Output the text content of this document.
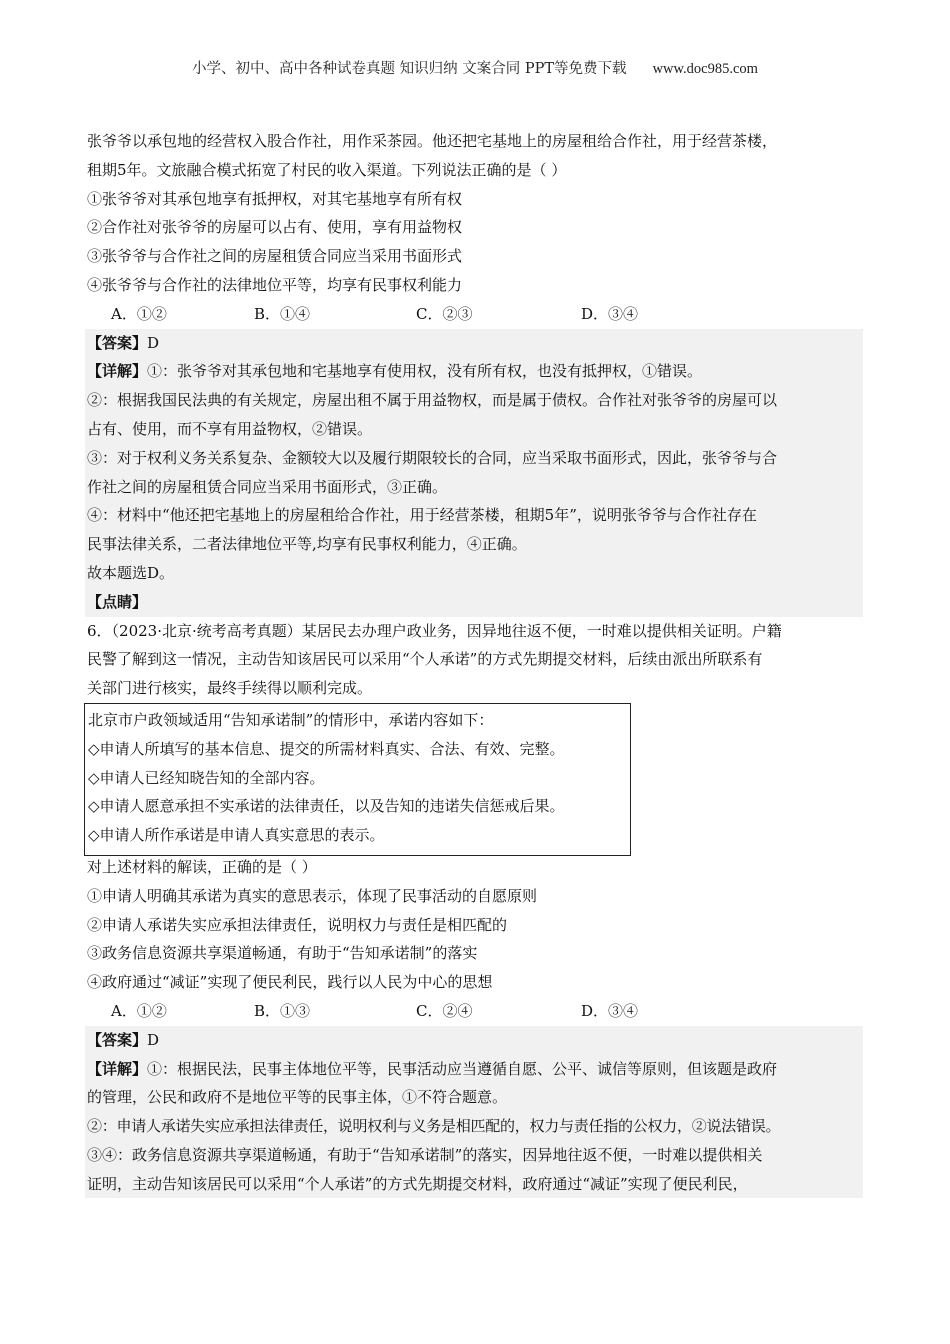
小学、初中、高中各种试卷真题 知识归纳 文案合同 PPT等免费下载 www.doc985.com

张爷爷以承包地的经营权入股合作社，用作采茶园。他还把宅基地上的房屋租给合作社，用于经营茶楼，

租期5年。文旅融合模式拓宽了村民的收入渠道。下列说法正确的是（ ）

①张爷爷对其承包地享有抵押权，对其宅基地享有所有权

②合作社对张爷爷的房屋可以占有、使用，享有用益物权

③张爷爷与合作社之间的房屋租赁合同应当采用书面形式

④张爷爷与合作社的法律地位平等，均享有民事权利能力

A．①②	B．①④	C．②③	D．③④

【答案】D

【详解】①：张爷爷对其承包地和宅基地享有使用权，没有所有权，也没有抵押权，①错误。

②：根据我国民法典的有关规定，房屋出租不属于用益物权，而是属于债权。合作社对张爷爷的房屋可以

占有、使用，而不享有用益物权，②错误。

③：对于权利义务关系复杂、金额较大以及履行期限较长的合同，应当采取书面形式，因此，张爷爷与合

作社之间的房屋租赁合同应当采用书面形式，③正确。

④：材料中“他还把宅基地上的房屋租给合作社，用于经营茶楼，租期5年”，说明张爷爷与合作社存在

民事法律关系，二者法律地位平等,均享有民事权利能力，④正确。

故本题选D。

【点睛】

6．（2023·北京·统考高考真题）某居民去办理户政业务，因异地往返不便，一时难以提供相关证明。户籍

民警了解到这一情况，主动告知该居民可以采用“个人承诺”的方式先期提交材料，后续由派出所联系有

关部门进行核实，最终手续得以顺利完成。

北京市户政领域适用“告知承诺制”的情形中，承诺内容如下：

◇申请人所填写的基本信息、提交的所需材料真实、合法、有效、完整。

◇申请人已经知晓告知的全部内容。

◇申请人愿意承担不实承诺的法律责任，以及告知的违诺失信惩戒后果。

◇申请人所作承诺是申请人真实意思的表示。

对上述材料的解读，正确的是（ ）

①申请人明确其承诺为真实的意思表示，体现了民事活动的自愿原则

②申请人承诺失实应承担法律责任，说明权力与责任是相匹配的

③政务信息资源共享渠道畅通，有助于“告知承诺制”的落实

④政府通过“减证”实现了便民利民，践行以人民为中心的思想

A．①②	B．①③	C．②④	D．③④

【答案】D

【详解】①：根据民法，民事主体地位平等，民事活动应当遵循自愿、公平、诚信等原则，但该题是政府

的管理，公民和政府不是地位平等的民事主体，①不符合题意。

②：申请人承诺失实应承担法律责任，说明权利与义务是相匹配的，权力与责任指的公权力，②说法错误。

③④：政务信息资源共享渠道畅通，有助于“告知承诺制”的落实，因异地往返不便，一时难以提供相关

证明，主动告知该居民可以采用“个人承诺”的方式先期提交材料，政府通过“减证”实现了便民利民，
